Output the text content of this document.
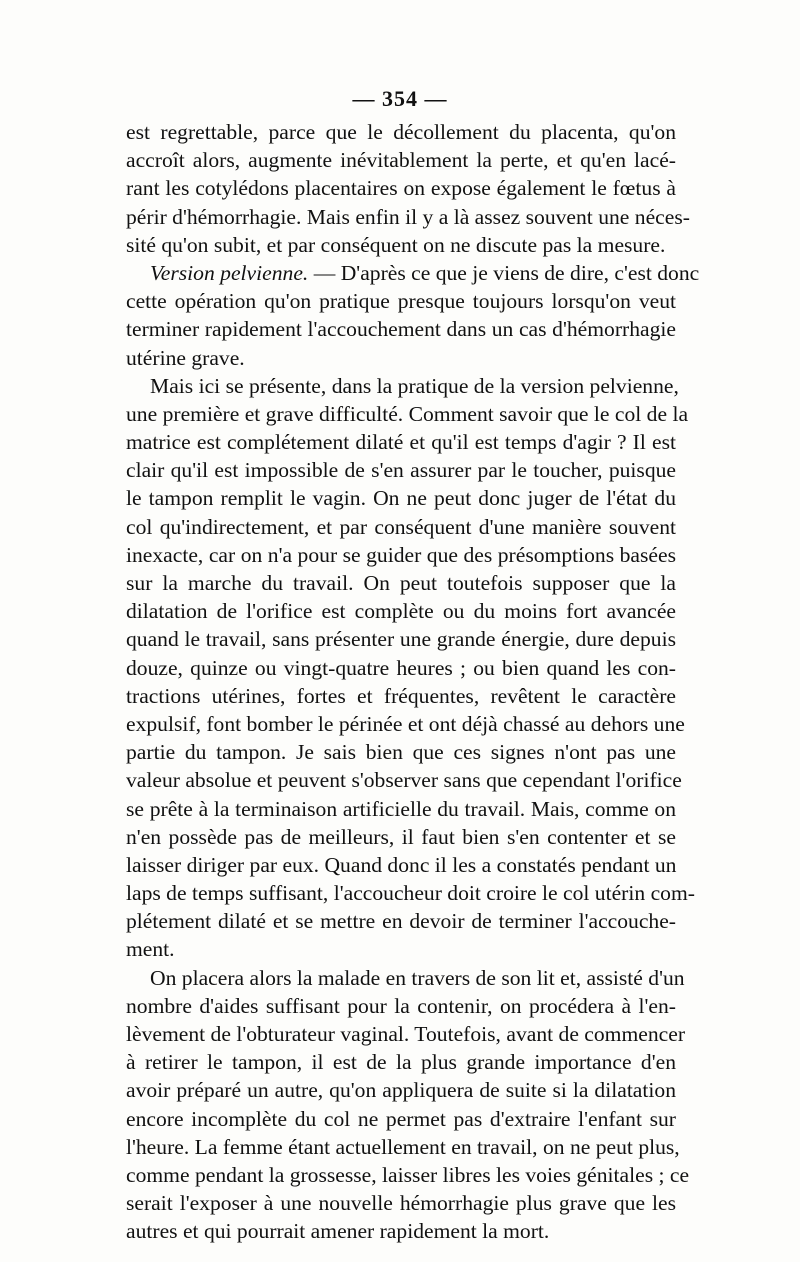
— 354 —
est regrettable, parce que le décollement du placenta, qu'on
accroît alors, augmente inévitablement la perte, et qu'en lacé-
rant les cotylédons placentaires on expose également le fœtus à
périr d'hémorrhagie. Mais enfin il y a là assez souvent une néces-
sité qu'on subit, et par conséquent on ne discute pas la mesure.
Version pelvienne. — D'après ce que je viens de dire, c'est donc
cette opération qu'on pratique presque toujours lorsqu'on veut
terminer rapidement l'accouchement dans un cas d'hémorrhagie
utérine grave.
Mais ici se présente, dans la pratique de la version pelvienne,
une première et grave difficulté. Comment savoir que le col de la
matrice est complétement dilaté et qu'il est temps d'agir ? Il est
clair qu'il est impossible de s'en assurer par le toucher, puisque
le tampon remplit le vagin. On ne peut donc juger de l'état du
col qu'indirectement, et par conséquent d'une manière souvent
inexacte, car on n'a pour se guider que des présomptions basées
sur la marche du travail. On peut toutefois supposer que la
dilatation de l'orifice est complète ou du moins fort avancée
quand le travail, sans présenter une grande énergie, dure depuis
douze, quinze ou vingt-quatre heures ; ou bien quand les con-
tractions utérines, fortes et fréquentes, revêtent le caractère
expulsif, font bomber le périnée et ont déjà chassé au dehors une
partie du tampon. Je sais bien que ces signes n'ont pas une
valeur absolue et peuvent s'observer sans que cependant l'orifice
se prête à la terminaison artificielle du travail. Mais, comme on
n'en possède pas de meilleurs, il faut bien s'en contenter et se
laisser diriger par eux. Quand donc il les a constatés pendant un
laps de temps suffisant, l'accoucheur doit croire le col utérin com-
plétement dilaté et se mettre en devoir de terminer l'accouche-
ment.
On placera alors la malade en travers de son lit et, assisté d'un
nombre d'aides suffisant pour la contenir, on procédera à l'en-
lèvement de l'obturateur vaginal. Toutefois, avant de commencer
à retirer le tampon, il est de la plus grande importance d'en
avoir préparé un autre, qu'on appliquera de suite si la dilatation
encore incomplète du col ne permet pas d'extraire l'enfant sur
l'heure. La femme étant actuellement en travail, on ne peut plus,
comme pendant la grossesse, laisser libres les voies génitales ; ce
serait l'exposer à une nouvelle hémorrhagie plus grave que les
autres et qui pourrait amener rapidement la mort.
